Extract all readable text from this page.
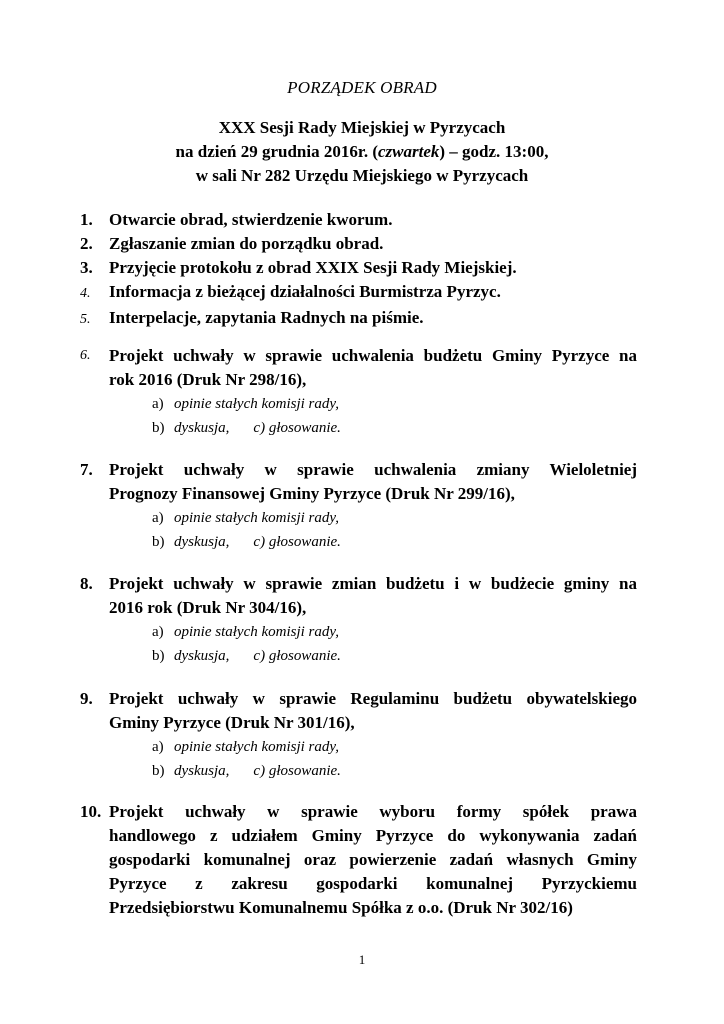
PORZĄDEK OBRAD
XXX Sesji Rady Miejskiej w Pyrzycach
na dzień 29 grudnia 2016r. (czwartek) – godz. 13:00,
w sali Nr 282 Urzędu Miejskiego w Pyrzycach
1. Otwarcie obrad, stwierdzenie kworum.
2. Zgłaszanie zmian do porządku obrad.
3. Przyjęcie protokołu z obrad XXIX Sesji Rady Miejskiej.
4.	Informacja z bieżącej działalności Burmistrza Pyrzyc.
5.	Interpelacje, zapytania Radnych na piśmie.
6.	Projekt uchwały w sprawie uchwalenia budżetu Gminy Pyrzyce na
rok 2016 (Druk Nr 298/16),
a) opinie stałych komisji rady,
b) dyskusja, c) głosowanie.
7. Projekt uchwały w sprawie uchwalenia zmiany Wieloletniej
Prognozy Finansowej Gminy Pyrzyce (Druk Nr 299/16),
a) opinie stałych komisji rady,
b) dyskusja, c) głosowanie.
8. Projekt uchwały w sprawie zmian budżetu i w budżecie gminy na
2016 rok (Druk Nr 304/16),
a) opinie stałych komisji rady,
b) dyskusja, c) głosowanie.
9. Projekt uchwały w sprawie Regulaminu budżetu obywatelskiego
Gminy Pyrzyce (Druk Nr 301/16),
a) opinie stałych komisji rady,
b) dyskusja, c) głosowanie.
10. Projekt uchwały w sprawie wyboru formy spółek prawa
handlowego z udziałem Gminy Pyrzyce do wykonywania zadań
gospodarki komunalnej oraz powierzenie zadań własnych Gminy
Pyrzyce z zakresu gospodarki komunalnej Pyrzyckiemu
Przedsiębiorstwu Komunalnemu Spółka z o.o. (Druk Nr 302/16)
1
